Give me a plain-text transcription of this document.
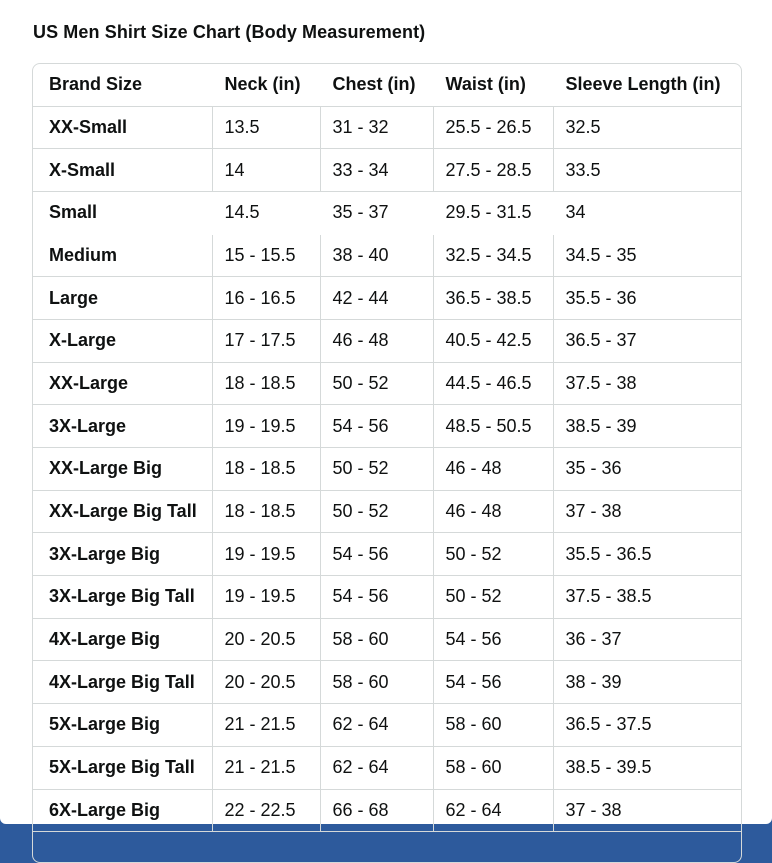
US Men Shirt Size Chart (Body Measurement)
Brand Size	Neck (in)	Chest (in)	Waist (in)	Sleeve Length (in)
XX-Small	13.5	31 - 32	25.5 - 26.5	32.5
X-Small	14	33 - 34	27.5 - 28.5	33.5
Small	14.5	35 - 37	29.5 - 31.5	34
Medium	15 - 15.5	38 - 40	32.5 - 34.5	34.5 - 35
Large	16 - 16.5	42 - 44	36.5 - 38.5	35.5 - 36
X-Large	17 - 17.5	46 - 48	40.5 - 42.5	36.5 - 37
XX-Large	18 - 18.5	50 - 52	44.5 - 46.5	37.5 - 38
3X-Large	19 - 19.5	54 - 56	48.5 - 50.5	38.5 - 39
XX-Large Big	18 - 18.5	50 - 52	46 - 48	35 - 36
XX-Large Big Tall	18 - 18.5	50 - 52	46 - 48	37 - 38
3X-Large Big	19 - 19.5	54 - 56	50 - 52	35.5 - 36.5
3X-Large Big Tall	19 - 19.5	54 - 56	50 - 52	37.5 - 38.5
4X-Large Big	20 - 20.5	58 - 60	54 - 56	36 - 37
4X-Large Big Tall	20 - 20.5	58 - 60	54 - 56	38 - 39
5X-Large Big	21 - 21.5	62 - 64	58 - 60	36.5 - 37.5
5X-Large Big Tall	21 - 21.5	62 - 64	58 - 60	38.5 - 39.5
6X-Large Big	22 - 22.5	66 - 68	62 - 64	37 - 38
